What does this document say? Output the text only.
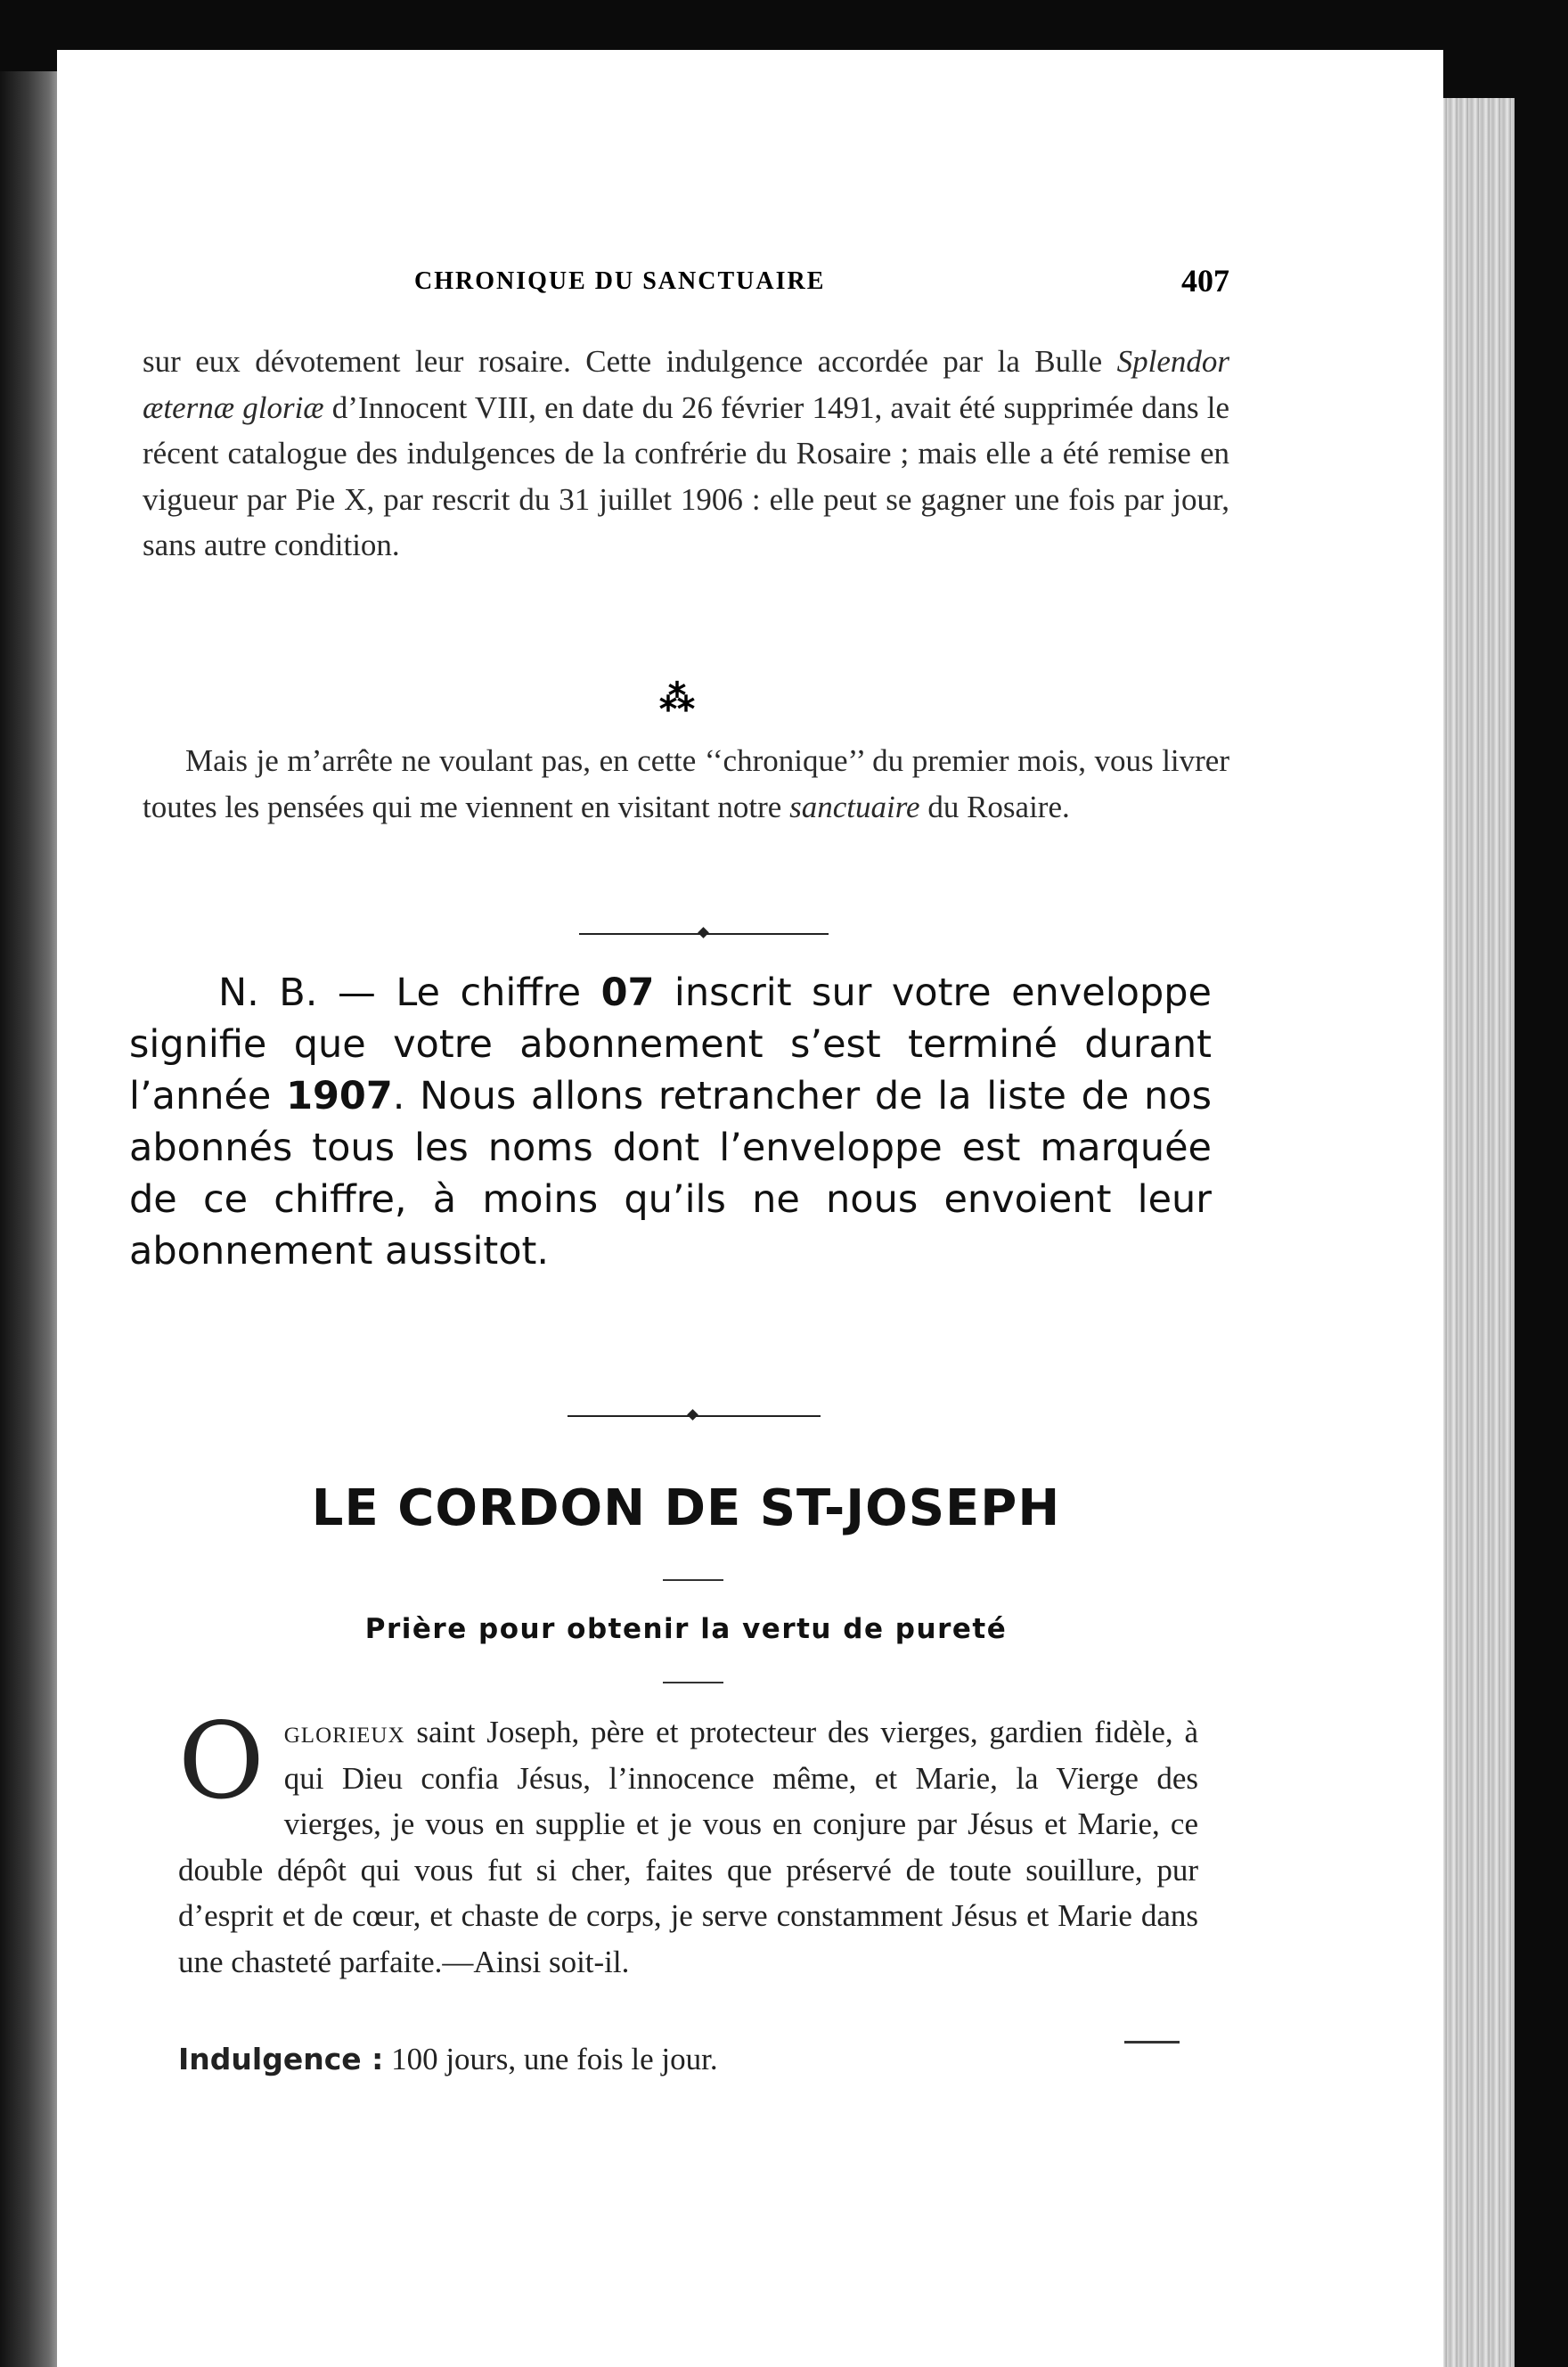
CHRONIQUE DU SANCTUAIRE	407
sur eux dévotement leur rosaire. Cette indulgence accordée par la Bulle Splendor æternæ gloriæ d’Innocent VIII, en date du 26 février 1491, avait été supprimée dans le récent catalogue des indulgences de la confrérie du Rosaire ; mais elle a été remise en vigueur par Pie X, par rescrit du 31 juillet 1906 : elle peut se gagner une fois par jour, sans autre condition.
⁂
Mais je m’arrête ne voulant pas, en cette ‘‘chronique’’ du premier mois, vous livrer toutes les pensées qui me viennent en visitant notre sanctuaire du Rosaire.
N. B. — Le chiffre 07 inscrit sur votre enveloppe signifie que votre abonnement s’est terminé durant l’année 1907. Nous allons retrancher de la liste de nos abonnés tous les noms dont l’enveloppe est marquée de ce chiffre, à moins qu’ils ne nous envoient leur abonnement aussitot.
LE CORDON DE ST-JOSEPH
Prière pour obtenir la vertu de pureté
Oglorieux saint Joseph, père et protecteur des vierges, gardien fidèle, à qui Dieu confia Jésus, l’innocence même, et Marie, la Vierge des vierges, je vous en supplie et je vous en conjure par Jésus et Marie, ce double dépôt qui vous fut si cher, faites que préservé de toute souillure, pur d’esprit et de cœur, et chaste de corps, je serve constamment Jésus et Marie dans une chasteté parfaite.—Ainsi soit-il.
Indulgence : 100 jours, une fois le jour.
